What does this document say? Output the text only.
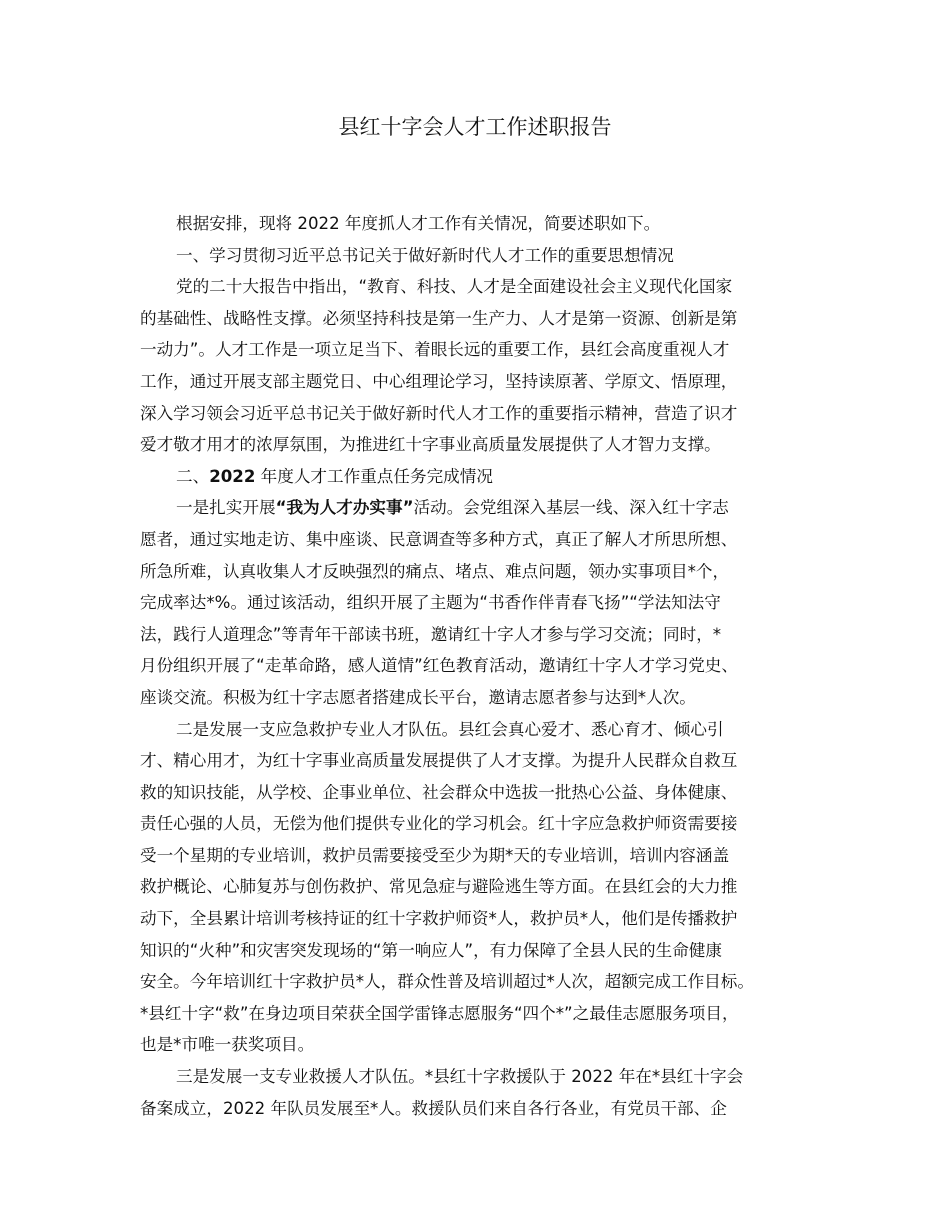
县红十字会人才工作述职报告
根据安排，现将 2022 年度抓人才工作有关情况，简要述职如下。
一、学习贯彻习近平总书记关于做好新时代人才工作的重要思想情况
党的二十大报告中指出，“教育、科技、人才是全面建设社会主义现代化国家
的基础性、战略性支撑。必须坚持科技是第一生产力、人才是第一资源、创新是第
一动力”。人才工作是一项立足当下、着眼长远的重要工作，县红会高度重视人才
工作，通过开展支部主题党日、中心组理论学习，坚持读原著、学原文、悟原理，
深入学习领会习近平总书记关于做好新时代人才工作的重要指示精神，营造了识才
爱才敬才用才的浓厚氛围，为推进红十字事业高质量发展提供了人才智力支撑。
二、2022 年度人才工作重点任务完成情况
一是扎实开展“我为人才办实事”活动。会党组深入基层一线、深入红十字志
愿者，通过实地走访、集中座谈、民意调查等多种方式，真正了解人才所思所想、
所急所难，认真收集人才反映强烈的痛点、堵点、难点问题，领办实事项目*个，
完成率达*%。通过该活动，组织开展了主题为“书香作伴青春飞扬”“学法知法守
法，践行人道理念”等青年干部读书班，邀请红十字人才参与学习交流；同时，*
月份组织开展了“走革命路，感人道情”红色教育活动，邀请红十字人才学习党史、
座谈交流。积极为红十字志愿者搭建成长平台，邀请志愿者参与达到*人次。
二是发展一支应急救护专业人才队伍。县红会真心爱才、悉心育才、倾心引
才、精心用才，为红十字事业高质量发展提供了人才支撑。为提升人民群众自救互
救的知识技能，从学校、企事业单位、社会群众中选拔一批热心公益、身体健康、
责任心强的人员，无偿为他们提供专业化的学习机会。红十字应急救护师资需要接
受一个星期的专业培训，救护员需要接受至少为期*天的专业培训，培训内容涵盖
救护概论、心肺复苏与创伤救护、常见急症与避险逃生等方面。在县红会的大力推
动下，全县累计培训考核持证的红十字救护师资*人，救护员*人，他们是传播救护
知识的“火种”和灾害突发现场的“第一响应人”，有力保障了全县人民的生命健康
安全。今年培训红十字救护员*人，群众性普及培训超过*人次，超额完成工作目标。
*县红十字“救”在身边项目荣获全国学雷锋志愿服务“四个*”之最佳志愿服务项目，
也是*市唯一获奖项目。
三是发展一支专业救援人才队伍。*县红十字救援队于 2022 年在*县红十字会
备案成立，2022 年队员发展至*人。救援队员们来自各行各业，有党员干部、企
